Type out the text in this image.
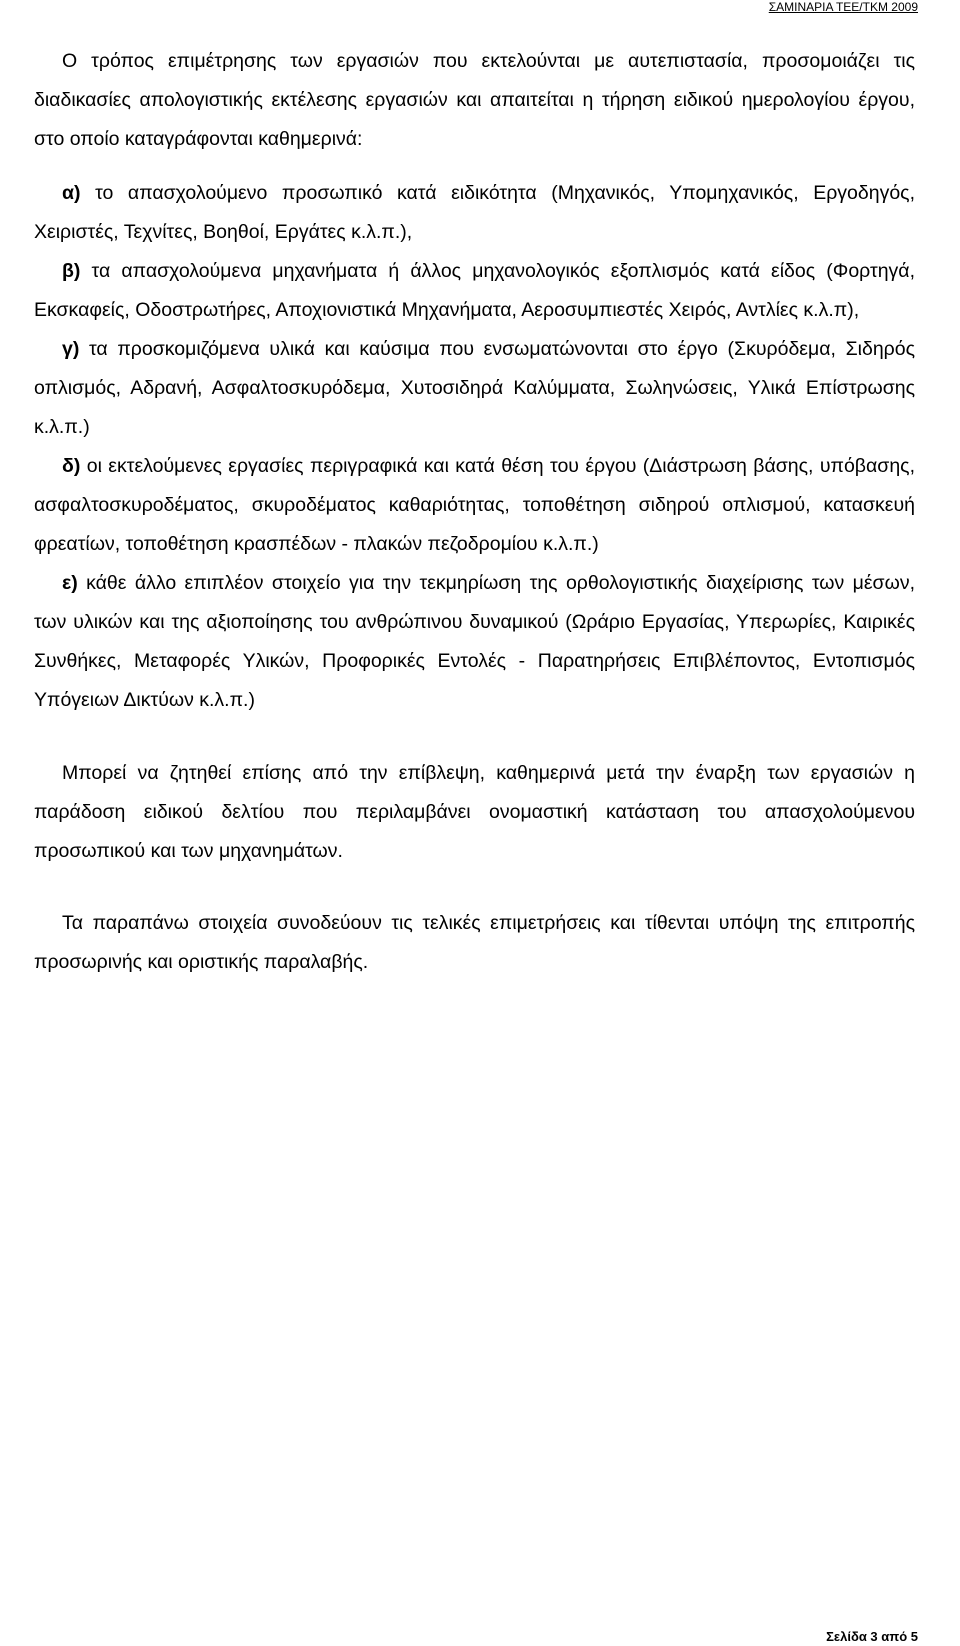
ΣΑΜΙΝΑΡΙΑ ΤΕΕ/ΤΚΜ 2009

Ο τρόπος επιμέτρησης των εργασιών που εκτελούνται με αυτεπιστασία, προσομοιάζει τις διαδικασίες απολογιστικής εκτέλεσης εργασιών και απαιτείται η τήρηση ειδικού ημερολογίου έργου, στο οποίο καταγράφονται καθημερινά:

α) το απασχολούμενο προσωπικό κατά ειδικότητα (Μηχανικός, Υπομηχανικός, Εργοδηγός, Χειριστές, Τεχνίτες, Βοηθοί, Εργάτες κ.λ.π.),

β) τα απασχολούμενα μηχανήματα ή άλλος μηχανολογικός εξοπλισμός κατά είδος (Φορτηγά, Εκσκαφείς, Οδοστρωτήρες, Αποχιονιστικά Μηχανήματα, Αεροσυμπιεστές Χειρός, Αντλίες κ.λ.π),

γ) τα προσκομιζόμενα υλικά και καύσιμα που ενσωματώνονται στο έργο (Σκυρόδεμα, Σιδηρός οπλισμός, Αδρανή, Ασφαλτοσκυρόδεμα, Χυτοσιδηρά Καλύμματα, Σωληνώσεις, Υλικά Επίστρωσης κ.λ.π.)

δ) οι εκτελούμενες εργασίες περιγραφικά και κατά θέση του έργου (Διάστρωση βάσης, υπόβασης, ασφαλτοσκυροδέματος, σκυροδέματος καθαριότητας, τοποθέτηση σιδηρού οπλισμού, κατασκευή φρεατίων, τοποθέτηση κρασπέδων - πλακών πεζοδρομίου κ.λ.π.)

ε) κάθε άλλο επιπλέον στοιχείο για την τεκμηρίωση της ορθολογιστικής διαχείρισης των μέσων, των υλικών και της αξιοποίησης του ανθρώπινου δυναμικού (Ωράριο Εργασίας, Υπερωρίες, Καιρικές Συνθήκες, Μεταφορές Υλικών, Προφορικές Εντολές - Παρατηρήσεις Επιβλέποντος, Εντοπισμός Υπόγειων Δικτύων κ.λ.π.)

Μπορεί να ζητηθεί επίσης από την επίβλεψη, καθημερινά μετά την έναρξη των εργασιών η παράδοση ειδικού δελτίου που περιλαμβάνει ονομαστική κατάσταση του απασχολούμενου προσωπικού και των μηχανημάτων.

Τα παραπάνω στοιχεία συνοδεύουν τις τελικές επιμετρήσεις και τίθενται υπόψη της επιτροπής προσωρινής και οριστικής παραλαβής.

Σελίδα 3 από 5
